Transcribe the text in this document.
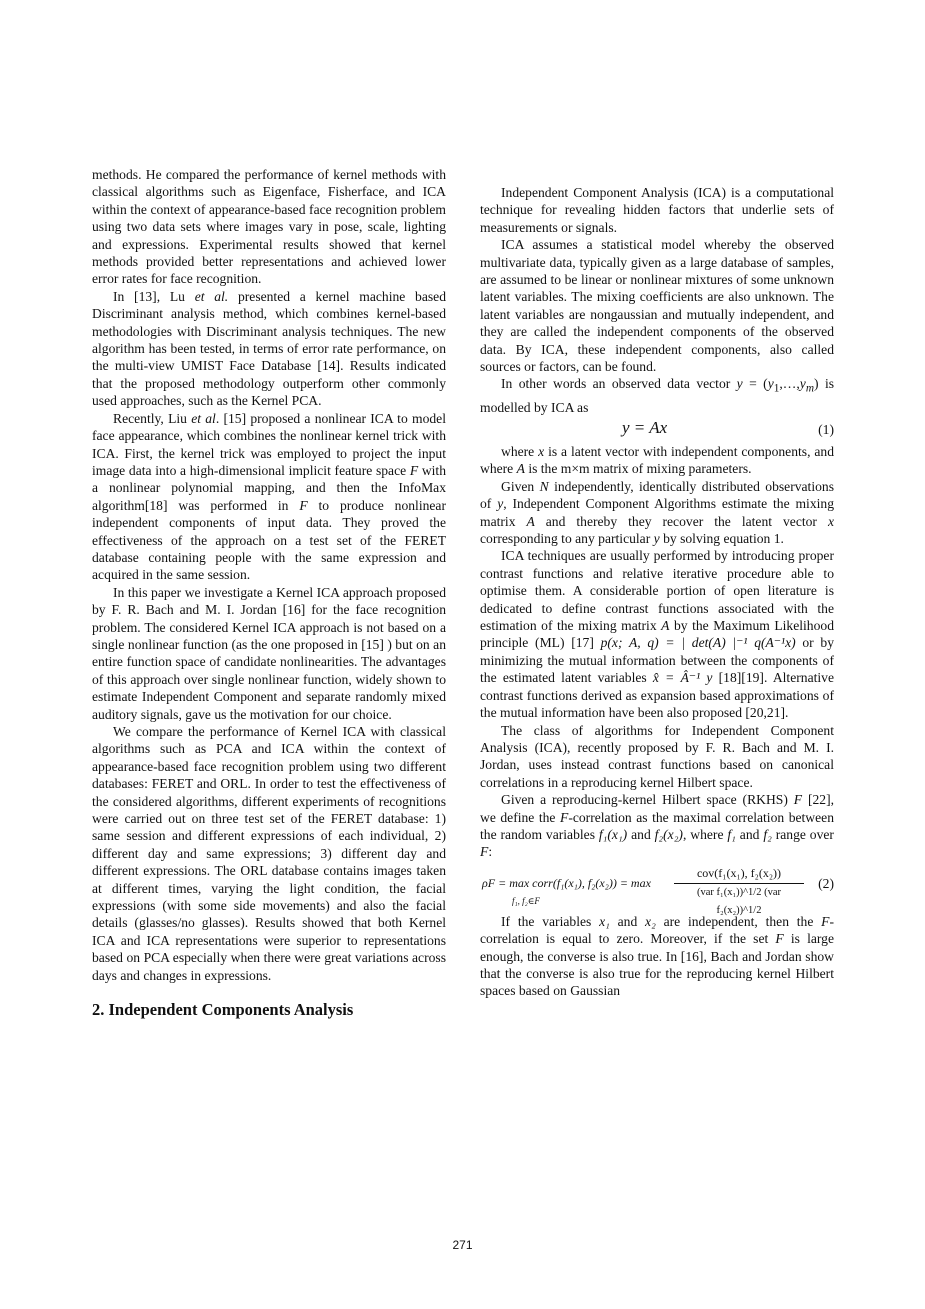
methods. He compared the performance of kernel methods with classical algorithms such as Eigenface, Fisherface, and ICA within the context of appearance-based face recognition problem using two data sets where images vary in pose, scale, lighting and expressions. Experimental results showed that kernel methods provided better representations and achieved lower error rates for face recognition.

In [13], Lu et al. presented a kernel machine based Discriminant analysis method, which combines kernel-based methodologies with Discriminant analysis techniques. The new algorithm has been tested, in terms of error rate performance, on the multi-view UMIST Face Database [14]. Results indicated that the proposed methodology outperform other commonly used approaches, such as the Kernel PCA.

Recently, Liu et al. [15] proposed a nonlinear ICA to model face appearance, which combines the nonlinear kernel trick with ICA. First, the kernel trick was employed to project the input image data into a high-dimensional implicit feature space F with a nonlinear polynomial mapping, and then the InfoMax algorithm[18] was performed in F to produce nonlinear independent components of input data. They proved the effectiveness of the approach on a test set of the FERET database containing people with the same expression and acquired in the same session.

In this paper we investigate a Kernel ICA approach proposed by F. R. Bach and M. I. Jordan [16] for the face recognition problem. The considered Kernel ICA approach is not based on a single nonlinear function (as the one proposed in [15] ) but on an entire function space of candidate nonlinearities. The advantages of this approach over single nonlinear function, widely shown to estimate Independent Component and separate randomly mixed auditory signals, gave us the motivation for our choice.

We compare the performance of Kernel ICA with classical algorithms such as PCA and ICA within the context of appearance-based face recognition problem using two different databases: FERET and ORL. In order to test the effectiveness of the considered algorithms, different experiments of recognitions were carried out on three test set of the FERET database: 1) same session and different expressions of each individual, 2) different day and same expressions; 3) different day and different expressions. The ORL database contains images taken at different times, varying the light condition, the facial expressions (with some side movements) and also the facial details (glasses/no glasses). Results showed that both Kernel ICA and ICA representations were superior to representations based on PCA especially when there were great variations across days and changes in expressions.

2. Independent Components Analysis

Independent Component Analysis (ICA) is a computational technique for revealing hidden factors that underlie sets of measurements or signals.

ICA assumes a statistical model whereby the observed multivariate data, typically given as a large database of samples, are assumed to be linear or nonlinear mixtures of some unknown latent variables. The mixing coefficients are also unknown. The latent variables are nongaussian and mutually independent, and they are called the independent components of the observed data. By ICA, these independent components, also called sources or factors, can be found.

In other words an observed data vector $y = (y_1,\dots,y_m)$ is modelled by ICA as

y = Ax	(1)

where x is a latent vector with independent components, and where A is the m×m matrix of mixing parameters.

Given N independently, identically distributed observations of y, Independent Component Algorithms estimate the mixing matrix A and thereby they recover the latent vector x corresponding to any particular y by solving equation 1.

ICA techniques are usually performed by introducing proper contrast functions and relative iterative procedure able to optimise them. A considerable portion of open literature is dedicated to define contrast functions associated with the estimation of the mixing matrix A by the Maximum Likelihood principle (ML) [17] p(x; A, q) = | det(A) |⁻¹ q(A⁻¹x) or by minimizing the mutual information between the components of the estimated latent variables x̂ = Â⁻¹ y [18][19]. Alternative contrast functions derived as expansion based approximations of the mutual information have been also proposed [20,21].

The class of algorithms for Independent Component Analysis (ICA), recently proposed by F. R. Bach and M. I. Jordan, uses instead contrast functions based on canonical correlations in a reproducing kernel Hilbert space.

Given a reproducing-kernel Hilbert space (RKHS) F [22], we define the F-correlation as the maximal correlation between the random variables f₁(x₁) and f₂(x₂), where f₁ and f₂ range over F:

ρF = max corr(f₁(x₁), f₂(x₂)) = max
f₁, f₂∈F
cov(f₁(x₁), f₂(x₂))
(var f₁(x₁))^1/2 (var f₂(x₂))^1/2
(2)

If the variables x₁ and x₂ are independent, then the F-correlation is equal to zero. Moreover, if the set F is large enough, the converse is also true. In [16], Bach and Jordan show that the converse is also true for the reproducing kernel Hilbert spaces based on Gaussian

271
